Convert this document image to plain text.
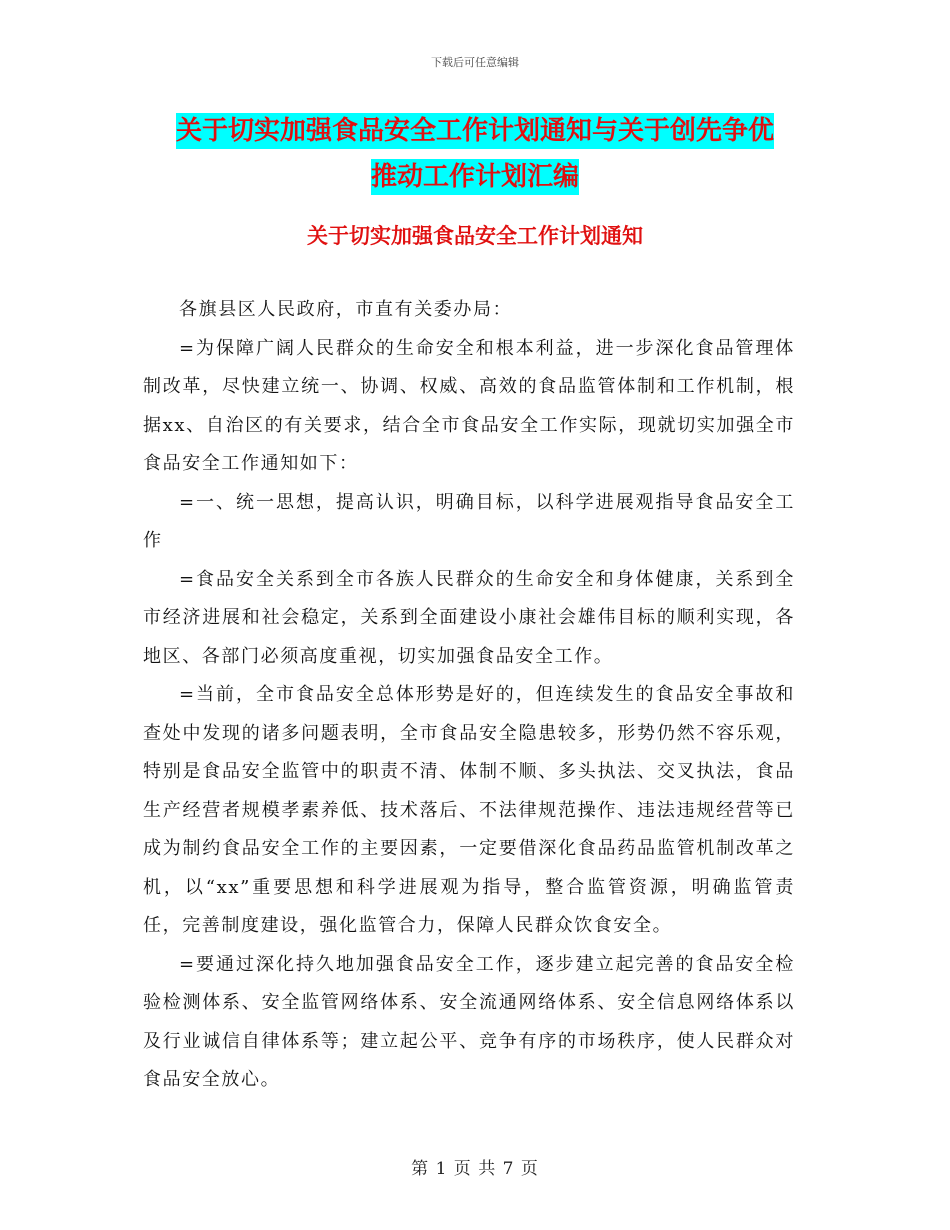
下载后可任意编辑
关于切实加强食品安全工作计划通知与关于创先争优
推动工作计划汇编
关于切实加强食品安全工作计划通知

各旗县区人民政府，市直有关委办局：

=为保障广阔人民群众的生命安全和根本利益，进一步深化食品管理体制改革，尽快建立统一、协调、权威、高效的食品监管体制和工作机制，根据xx、自治区的有关要求，结合全市食品安全工作实际，现就切实加强全市食品安全工作通知如下：

=一、统一思想，提高认识，明确目标，以科学进展观指导食品安全工作

=食品安全关系到全市各族人民群众的生命安全和身体健康，关系到全市经济进展和社会稳定，关系到全面建设小康社会雄伟目标的顺利实现，各地区、各部门必须高度重视，切实加强食品安全工作。

=当前，全市食品安全总体形势是好的，但连续发生的食品安全事故和查处中发现的诸多问题表明，全市食品安全隐患较多，形势仍然不容乐观，特别是食品安全监管中的职责不清、体制不顺、多头执法、交叉执法，食品生产经营者规模孝素养低、技术落后、不法律规范操作、违法违规经营等已成为制约食品安全工作的主要因素，一定要借深化食品药品监管机制改革之机，以“xx”重要思想和科学进展观为指导，整合监管资源，明确监管责任，完善制度建设，强化监管合力，保障人民群众饮食安全。

=要通过深化持久地加强食品安全工作，逐步建立起完善的食品安全检验检测体系、安全监管网络体系、安全流通网络体系、安全信息网络体系以及行业诚信自律体系等；建立起公平、竞争有序的市场秩序，使人民群众对食品安全放心。

第 1 页 共 7 页
